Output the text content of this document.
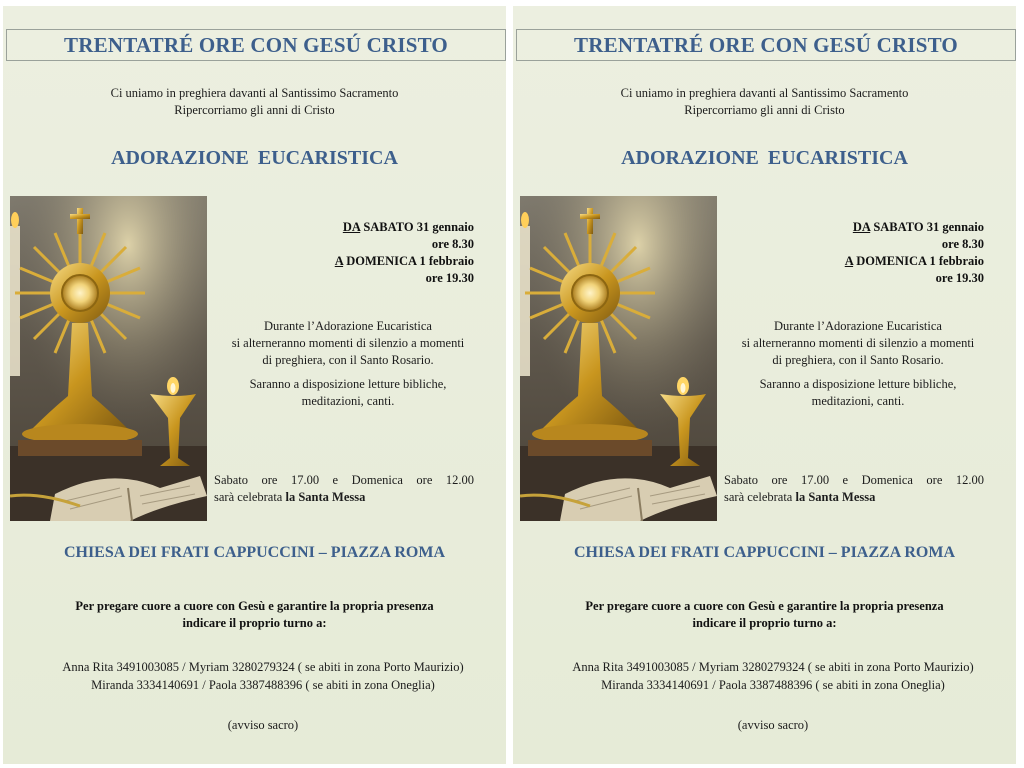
TRENTATRÉ ORE CON GESÚ CRISTO
Ci uniamo in preghiera davanti al Santissimo Sacramento
Ripercorriamo gli anni di Cristo
ADORAZIONE EUCARISTICA
DA SABATO 31 gennaio
ore 8.30
A DOMENICA 1 febbraio
ore 19.30
Durante l’Adorazione Eucaristica
si alterneranno momenti di silenzio a momenti
di preghiera, con il Santo Rosario.
Saranno a disposizione letture bibliche,
meditazioni, canti.
Sabato ore 17.00 e Domenica ore 12.00
sarà celebrata la Santa Messa
CHIESA DEI FRATI CAPPUCCINI – PIAZZA ROMA
Per pregare cuore a cuore con Gesù e garantire la propria presenza
indicare il proprio turno a:
Anna Rita 3491003085 / Myriam 3280279324 ( se abiti in zona Porto Maurizio)
Miranda 3334140691 / Paola 3387488396 ( se abiti in zona Oneglia)
(avviso sacro)
TRENTATRÉ ORE CON GESÚ CRISTO
Ci uniamo in preghiera davanti al Santissimo Sacramento
Ripercorriamo gli anni di Cristo
ADORAZIONE EUCARISTICA
DA SABATO 31 gennaio
ore 8.30
A DOMENICA 1 febbraio
ore 19.30
Durante l’Adorazione Eucaristica
si alterneranno momenti di silenzio a momenti
di preghiera, con il Santo Rosario.
Saranno a disposizione letture bibliche,
meditazioni, canti.
Sabato ore 17.00 e Domenica ore 12.00
sarà celebrata la Santa Messa
CHIESA DEI FRATI CAPPUCCINI – PIAZZA ROMA
Per pregare cuore a cuore con Gesù e garantire la propria presenza
indicare il proprio turno a:
Anna Rita 3491003085 / Myriam 3280279324 ( se abiti in zona Porto Maurizio)
Miranda 3334140691 / Paola 3387488396 ( se abiti in zona Oneglia)
(avviso sacro)
